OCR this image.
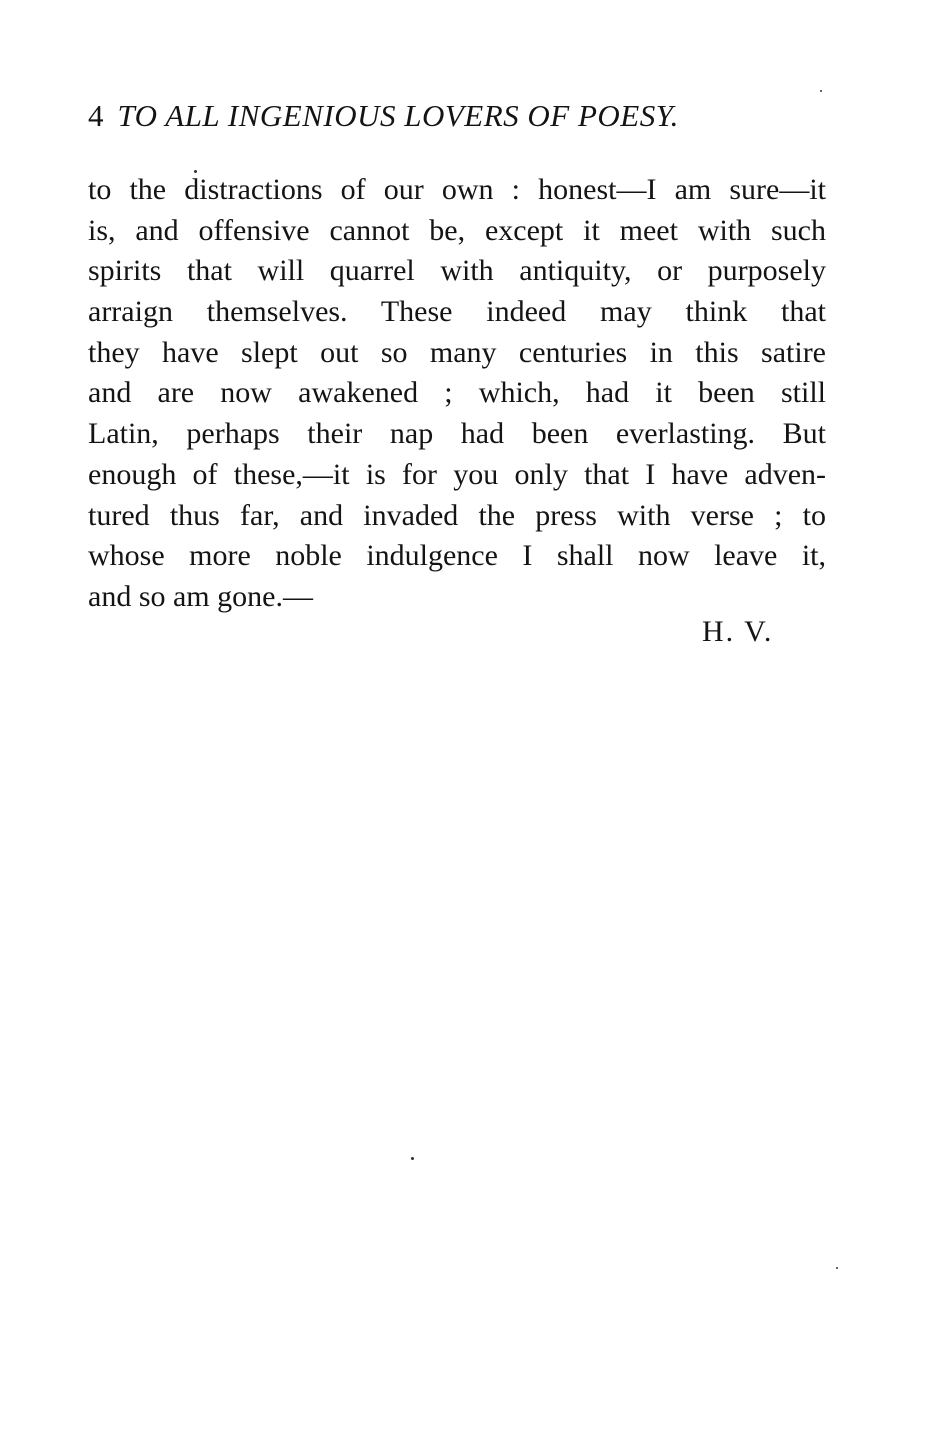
4 TO ALL INGENIOUS LOVERS OF POESY.
to the distractions of our own : honest—I am sure—it
is, and offensive cannot be, except it meet with such
spirits that will quarrel with antiquity, or purposely
arraign themselves. These indeed may think that
they have slept out so many centuries in this satire
and are now awakened ; which, had it been still
Latin, perhaps their nap had been everlasting. But
enough of these,—it is for you only that I have adven-
tured thus far, and invaded the press with verse ; to
whose more noble indulgence I shall now leave it,
and so am gone.—
H. V.
